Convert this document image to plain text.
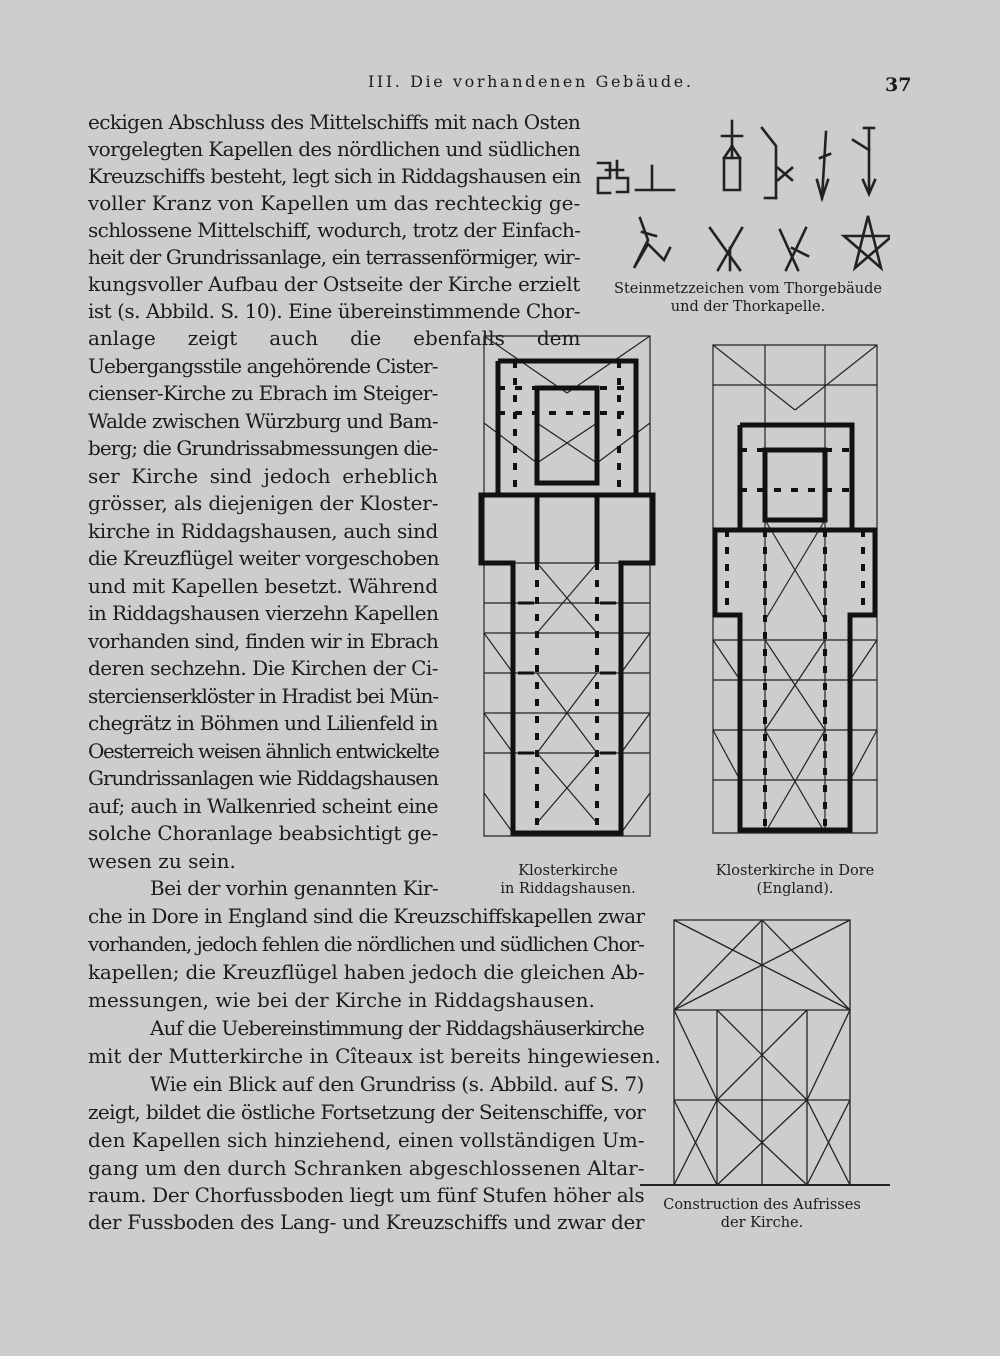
III. Die vorhandenen Gebäude.	37
eckigen Abschluss des Mittelschiffs mit nach Osten
vorgelegten Kapellen des nördlichen und südlichen
Kreuzschiffs besteht, legt sich in Riddagshausen ein
voller Kranz von Kapellen um das rechteckig ge-
schlossene Mittelschiff, wodurch, trotz der Einfach-
heit der Grundrissanlage, ein terrassenförmiger, wir-
kungsvoller Aufbau der Ostseite der Kirche erzielt
ist (s. Abbild. S. 10). Eine übereinstimmende Chor-
anlage zeigt auch die ebenfalls dem
Uebergangsstile angehörende Cister-
cienser-Kirche zu Ebrach im Steiger-
Walde zwischen Würzburg und Bam-
berg; die Grundrissabmessungen die-
ser Kirche sind jedoch erheblich
grösser, als diejenigen der Kloster-
kirche in Riddagshausen, auch sind
die Kreuzflügel weiter vorgeschoben
und mit Kapellen besetzt. Während
in Riddagshausen vierzehn Kapellen
vorhanden sind, finden wir in Ebrach
deren sechzehn. Die Kirchen der Ci-
stercienserklöster in Hradist bei Mün-
chegrätz in Böhmen und Lilienfeld in
Oesterreich weisen ähnlich entwickelte
Grundrissanlagen wie Riddagshausen
auf; auch in Walkenried scheint eine
solche Choranlage beabsichtigt ge-
wesen zu sein.
Bei der vorhin genannten Kir-
che in Dore in England sind die Kreuzschiffskapellen zwar
vorhanden, jedoch fehlen die nördlichen und südlichen Chor-
kapellen; die Kreuzflügel haben jedoch die gleichen Ab-
messungen, wie bei der Kirche in Riddagshausen.
Auf die Uebereinstimmung der Riddagshäuserkirche
mit der Mutterkirche in Cîteaux ist bereits hingewiesen.
Wie ein Blick auf den Grundriss (s. Abbild. auf S. 7)
zeigt, bildet die östliche Fortsetzung der Seitenschiffe, vor
den Kapellen sich hinziehend, einen vollständigen Um-
gang um den durch Schranken abgeschlossenen Altar-
raum. Der Chorfussboden liegt um fünf Stufen höher als
der Fussboden des Lang- und Kreuzschiffs und zwar der
Steinmetzzeichen vom Thorgebäude
und der Thorkapelle.
Klosterkirche
in Riddagshausen.
Klosterkirche in Dore
(England).
Construction des Aufrisses
der Kirche.
